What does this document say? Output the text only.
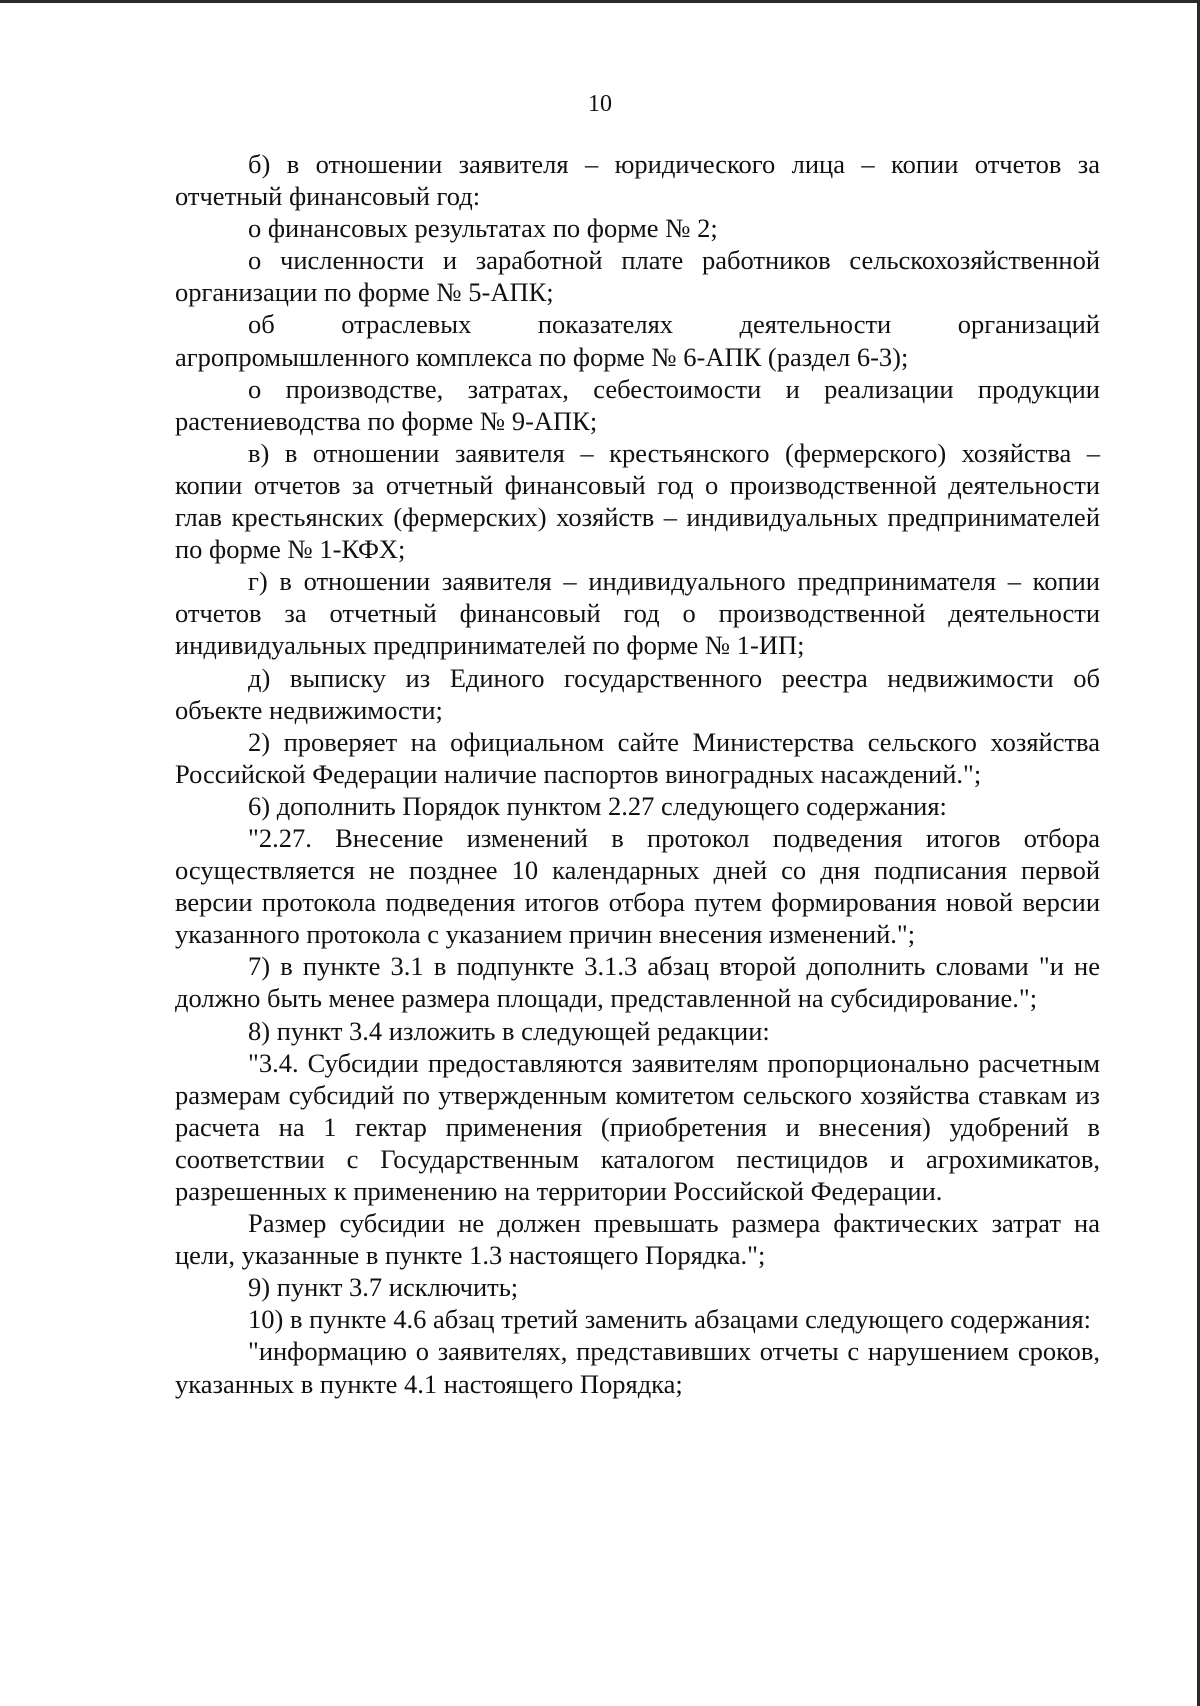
10

б) в отношении заявителя – юридического лица – копии отчетов за отчетный финансовый год:

о финансовых результатах по форме № 2;

о численности и заработной плате работников сельскохозяйственной организации по форме № 5-АПК;

об отраслевых показателях деятельности организаций агропромышленного комплекса по форме № 6-АПК (раздел 6-3);

о производстве, затратах, себестоимости и реализации продукции растениеводства по форме № 9-АПК;

в) в отношении заявителя – крестьянского (фермерского) хозяйства – копии отчетов за отчетный финансовый год о производственной деятельности глав крестьянских (фермерских) хозяйств – индивидуальных предпринимателей по форме № 1-КФХ;

г) в отношении заявителя – индивидуального предпринимателя – копии отчетов за отчетный финансовый год о производственной деятельности индивидуальных предпринимателей по форме № 1-ИП;

д) выписку из Единого государственного реестра недвижимости об объекте недвижимости;

2) проверяет на официальном сайте Министерства сельского хозяйства Российской Федерации наличие паспортов виноградных насаждений.";

6) дополнить Порядок пунктом 2.27 следующего содержания:

"2.27. Внесение изменений в протокол подведения итогов отбора осуществляется не позднее 10 календарных дней со дня подписания первой версии протокола подведения итогов отбора путем формирования новой версии указанного протокола с указанием причин внесения изменений.";

7) в пункте 3.1 в подпункте 3.1.3 абзац второй дополнить словами "и не должно быть менее размера площади, представленной на субсидирование.";

8) пункт 3.4 изложить в следующей редакции:

"3.4. Субсидии предоставляются заявителям пропорционально расчетным размерам субсидий по утвержденным комитетом сельского хозяйства ставкам из расчета на 1 гектар применения (приобретения и внесения) удобрений в соответствии с Государственным каталогом пестицидов и агрохимикатов, разрешенных к применению на территории Российской Федерации.

Размер субсидии не должен превышать размера фактических затрат на цели, указанные в пункте 1.3 настоящего Порядка.";

9) пункт 3.7 исключить;

10) в пункте 4.6 абзац третий заменить абзацами следующего содержания:

"информацию о заявителях, представивших отчеты с нарушением сроков, указанных в пункте 4.1 настоящего Порядка;
